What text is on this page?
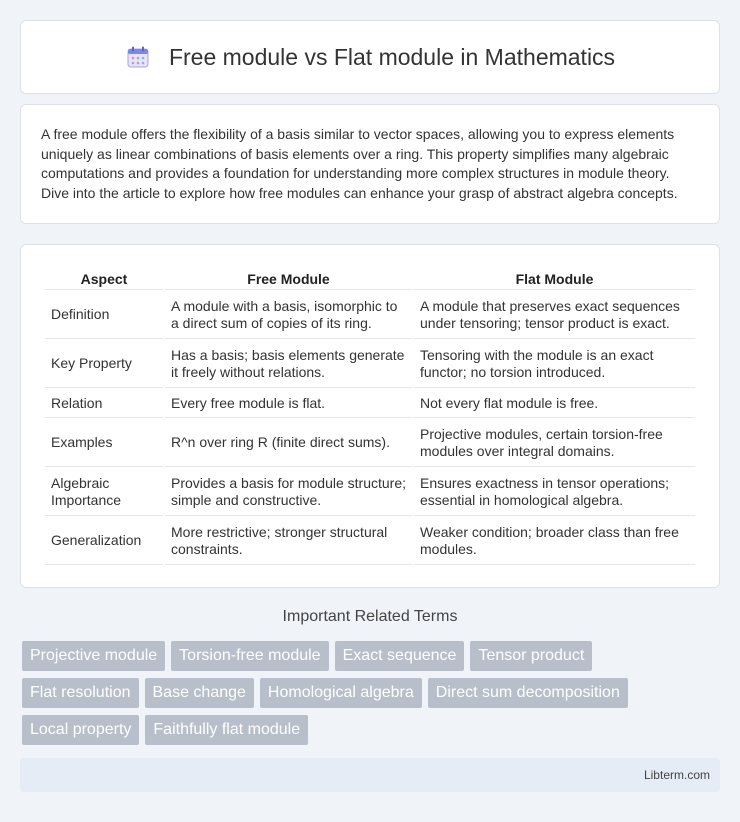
Free module vs Flat module in Mathematics

A free module offers the flexibility of a basis similar to vector spaces, allowing you to express elements uniquely as linear combinations of basis elements over a ring. This property simplifies many algebraic computations and provides a foundation for understanding more complex structures in module theory. Dive into the article to explore how free modules can enhance your grasp of abstract algebra concepts.

Aspect	Free Module	Flat Module
Definition	A module with a basis, isomorphic to a direct sum of copies of its ring.	A module that preserves exact sequences under tensoring; tensor product is exact.
Key Property	Has a basis; basis elements generate it freely without relations.	Tensoring with the module is an exact functor; no torsion introduced.
Relation	Every free module is flat.	Not every flat module is free.
Examples	R^n over ring R (finite direct sums).	Projective modules, certain torsion-free modules over integral domains.
Algebraic Importance	Provides a basis for module structure; simple and constructive.	Ensures exactness in tensor operations; essential in homological algebra.
Generalization	More restrictive; stronger structural constraints.	Weaker condition; broader class than free modules.
Important Related Terms
Projective module	Torsion-free module	Exact sequence	Tensor product
Flat resolution	Base change	Homological algebra	Direct sum decomposition
Local property	Faithfully flat module
Libterm.com
